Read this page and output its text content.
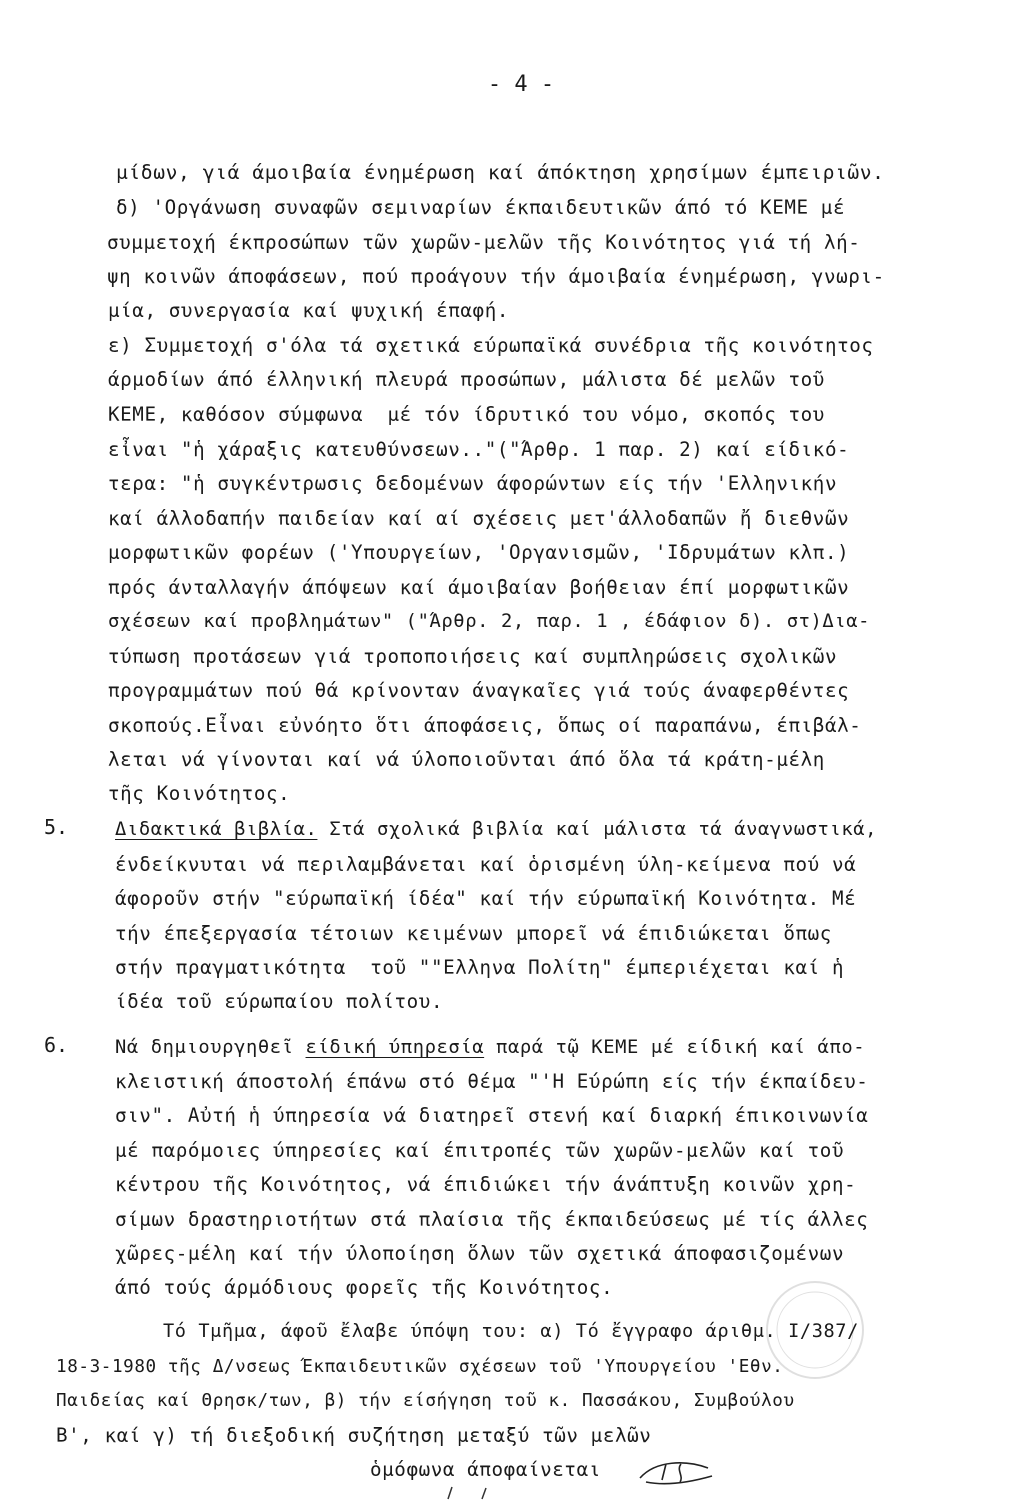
- 4 -
μίδων, γιά άμοιβαία ένημέρωση καί άπόκτηση χρησίμων έμπειριῶν.
δ) 'Οργάνωση συναφῶν σεμιναρίων έκπαιδευτικῶν άπό τό ΚΕΜΕ μέ
συμμετοχή έκπροσώπων τῶν χωρῶν-μελῶν τῆς Κοινότητος γιά τή λή-
ψη κοινῶν άποφάσεων, πού προάγουν τήν άμοιβαία ένημέρωση, γνωρι-
μία, συνεργασία καί ψυχική έπαφή.
ε) Συμμετοχή σ'όλα τά σχετικά εύρωπαϊκά συνέδρια τῆς κοινότητος
άρμοδίων άπό έλληνική πλευρά προσώπων, μάλιστα δέ μελῶν τοῦ
ΚΕΜΕ, καθόσον σύμφωνα  μέ τόν ίδρυτικό του νόμο, σκοπός του
εἶναι "ἡ χάραξις κατευθύνσεων.."("Άρθρ. 1 παρ. 2) καί είδικό-
τερα: "ἡ συγκέντρωσις δεδομένων άφορώντων είς τήν 'Ελληνικήν
καί άλλοδαπήν παιδείαν καί αί σχέσεις μετ'άλλοδαπῶν ἤ διεθνῶν
μορφωτικῶν φορέων ('Υπουργείων, 'Οργανισμῶν, 'Ιδρυμάτων κλπ.)
πρός άνταλλαγήν άπόψεων καί άμοιβαίαν βοήθειαν έπί μορφωτικῶν
σχέσεων καί προβλημάτων" ("Άρθρ. 2, παρ. 1 , έδάφιον δ). στ)Δια-
τύπωση προτάσεων γιά τροποποιήσεις καί συμπληρώσεις σχολικῶν
προγραμμάτων πού θά κρίνονταν άναγκαῖες γιά τούς άναφερθέντες
σκοπούς.Εἶναι εὐνόητο ὅτι άποφάσεις, ὅπως οί παραπάνω, έπιβάλ-
λεται νά γίνονται καί νά ύλοποιοῦνται άπό ὅλα τά κράτη-μέλη
τῆς Κοινότητος.
5. Διδακτικά βιβλία. Στά σχολικά βιβλία καί μάλιστα τά άναγνωστικά,
ένδείκνυται νά περιλαμβάνεται καί ὁρισμένη ύλη-κείμενα πού νά
άφοροῦν στήν "εύρωπαϊκή ίδέα" καί τήν εύρωπαϊκή Κοινότητα. Μέ
τήν έπεξεργασία τέτοιων κειμένων μπορεῖ νά έπιδιώκεται ὅπως
στήν πραγματικότητα  τοῦ ""Ελληνα Πολίτη" έμπεριέχεται καί ἡ
ίδέα τοῦ εύρωπαίου πολίτου.
6. Νά δημιουργηθεῖ είδική ύπηρεσία παρά τῷ ΚΕΜΕ μέ είδική καί άπο-
κλειστική άποστολή έπάνω στό θέμα "'Η Εύρώπη είς τήν έκπαίδευ-
σιν". Αὐτή ἡ ύπηρεσία νά διατηρεῖ στενή καί διαρκή έπικοινωνία
μέ παρόμοιες ύπηρεσίες καί έπιτροπές τῶν χωρῶν-μελῶν καί τοῦ
κέντρου τῆς Κοινότητος, νά έπιδιώκει τήν άνάπτυξη κοινῶν χρη-
σίμων δραστηριοτήτων στά πλαίσια τῆς έκπαιδεύσεως μέ τίς άλλες
χῶρες-μέλη καί τήν ύλοποίηση ὅλων τῶν σχετικά άποφασιζομένων
άπό τούς άρμόδιους φορεῖς τῆς Κοινότητος.
Τό Τμῆμα, άφοῦ ἔλαβε ύπόψη του: α) Τό ἔγγραφο άριθμ. Ι/387/
18-3-1980 τῆς Δ/νσεως Έκπαιδευτικῶν σχέσεων τοῦ 'Υπουργείου 'Εθν.
Παιδείας καί Θρησκ/των, β) τήν είσήγηση τοῦ κ. Πασσάκου, Συμβούλου
Β', καί γ) τή διεξοδική συζήτηση μεταξύ τῶν μελῶν
ὁμόφωνα άποφαίνεται
